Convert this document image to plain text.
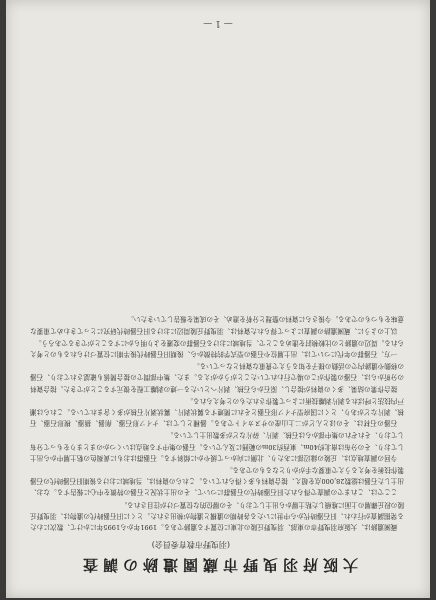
大阪府羽曳野市蔵園遺跡の調査
(羽曳野市教育委員会)

蔵園遺跡は、大阪府羽曳野市の東部、羽曳野丘陵の北東に位置する遺跡である。1991年から1995年にかけて、数次にわたる発掘調査が行われ、旧石器時代から中世にいたる各時期の遺構と遺物が検出された。とくに旧石器時代の遺物は、羽曳野丘陵の段丘礫層の上面に堆積した粘土層から出土しており、その層位的な位置づけが注目される。

ここでは、これまでの調査で得られた旧石器時代の石器群について、その出土状況と石器の特徴を中心に報告する。なお、出土した石器は総数28,000点を超え、接合資料も多く得られている。これらの資料は、当地域における後期旧石器時代の石器製作技術を考えるうえで重要な手がかりとなるものである。

今回の調査地点は、丘陵の縁辺部にあたり、北側に向かって緩やかに傾斜する。石器群はおもに黄褐色の粘土層中から出土しており、その分布は南北約40m、東西約30mの範囲に及んでいる。石器の集中する地点はいくつかのまとまりをもって分布しており、それぞれの集中部からは石核、剥片、砕片などが多数出土している。

石器の石材は、そのほとんどが二上山産のサヌカイトである。器種としては、ナイフ形石器、削器、掻器、楔形石器、石核、剥片などがあり、とくに国府型ナイフ形石器とそれに関連する翼状剥片、翼状剥片石核が多く含まれている。これらは瀬戸内技法と呼ばれる剥片剥離技術によって製作されたものと考えられる。

接合作業の結果、多くの資料が接合し、原石から石核、剥片へといたる一連の剥離工程を復元することができた。接合資料の分析からは、石器の製作がこの場で行われていたことがうかがえる。また、集中部間での接合関係も確認されており、石器の移動や遺跡内での活動の様子を知るうえで貴重な資料となっている。

一方、石器群の年代については、出土層位や石器の型式学的特徴から、後期旧石器時代後半期に位置づけられるものと考えられる。周辺の遺跡との比較検討を進めることで、当地域における石器群の変遷をより明らかにすることができるであろう。

以上のように、蔵園遺跡の調査によって得られた資料は、羽曳野丘陵周辺における旧石器時代研究にとってきわめて重要な意味をもつものである。今後さらに資料の整理と分析を進め、その成果を報告していきたい。

— 1 —
